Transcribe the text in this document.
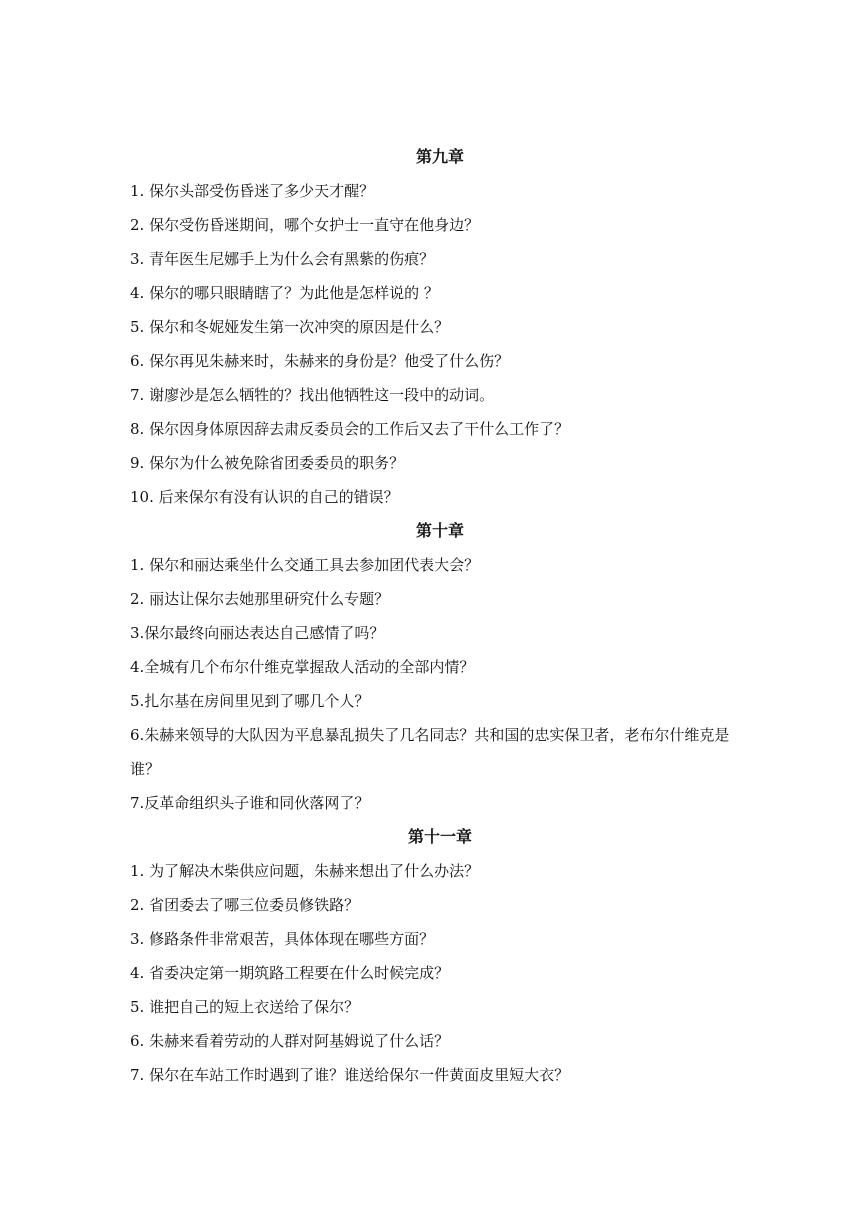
第九章
1. 保尔头部受伤昏迷了多少天才醒？
2. 保尔受伤昏迷期间，哪个女护士一直守在他身边？
3. 青年医生尼娜手上为什么会有黑紫的伤痕？
4. 保尔的哪只眼睛瞎了？为此他是怎样说的 ？
5. 保尔和冬妮娅发生第一次冲突的原因是什么？
6. 保尔再见朱赫来时，朱赫来的身份是？他受了什么伤？
7. 谢廖沙是怎么牺牲的？找出他牺牲这一段中的动词。
8. 保尔因身体原因辞去肃反委员会的工作后又去了干什么工作了？
9. 保尔为什么被免除省团委委员的职务？
10. 后来保尔有没有认识的自己的错误？
第十章
1. 保尔和丽达乘坐什么交通工具去参加团代表大会？
2. 丽达让保尔去她那里研究什么专题？
3.保尔最终向丽达表达自己感情了吗？
4.全城有几个布尔什维克掌握敌人活动的全部内情？
5.扎尔基在房间里见到了哪几个人？
6.朱赫来领导的大队因为平息暴乱损失了几名同志？共和国的忠实保卫者，老布尔什维克是谁？
7.反革命组织头子谁和同伙落网了？
第十一章
1. 为了解决木柴供应问题，朱赫来想出了什么办法？
2. 省团委去了哪三位委员修铁路？
3. 修路条件非常艰苦，具体体现在哪些方面？
4. 省委决定第一期筑路工程要在什么时候完成？
5. 谁把自己的短上衣送给了保尔？
6. 朱赫来看着劳动的人群对阿基姆说了什么话？
7. 保尔在车站工作时遇到了谁？谁送给保尔一件黄面皮里短大衣？
